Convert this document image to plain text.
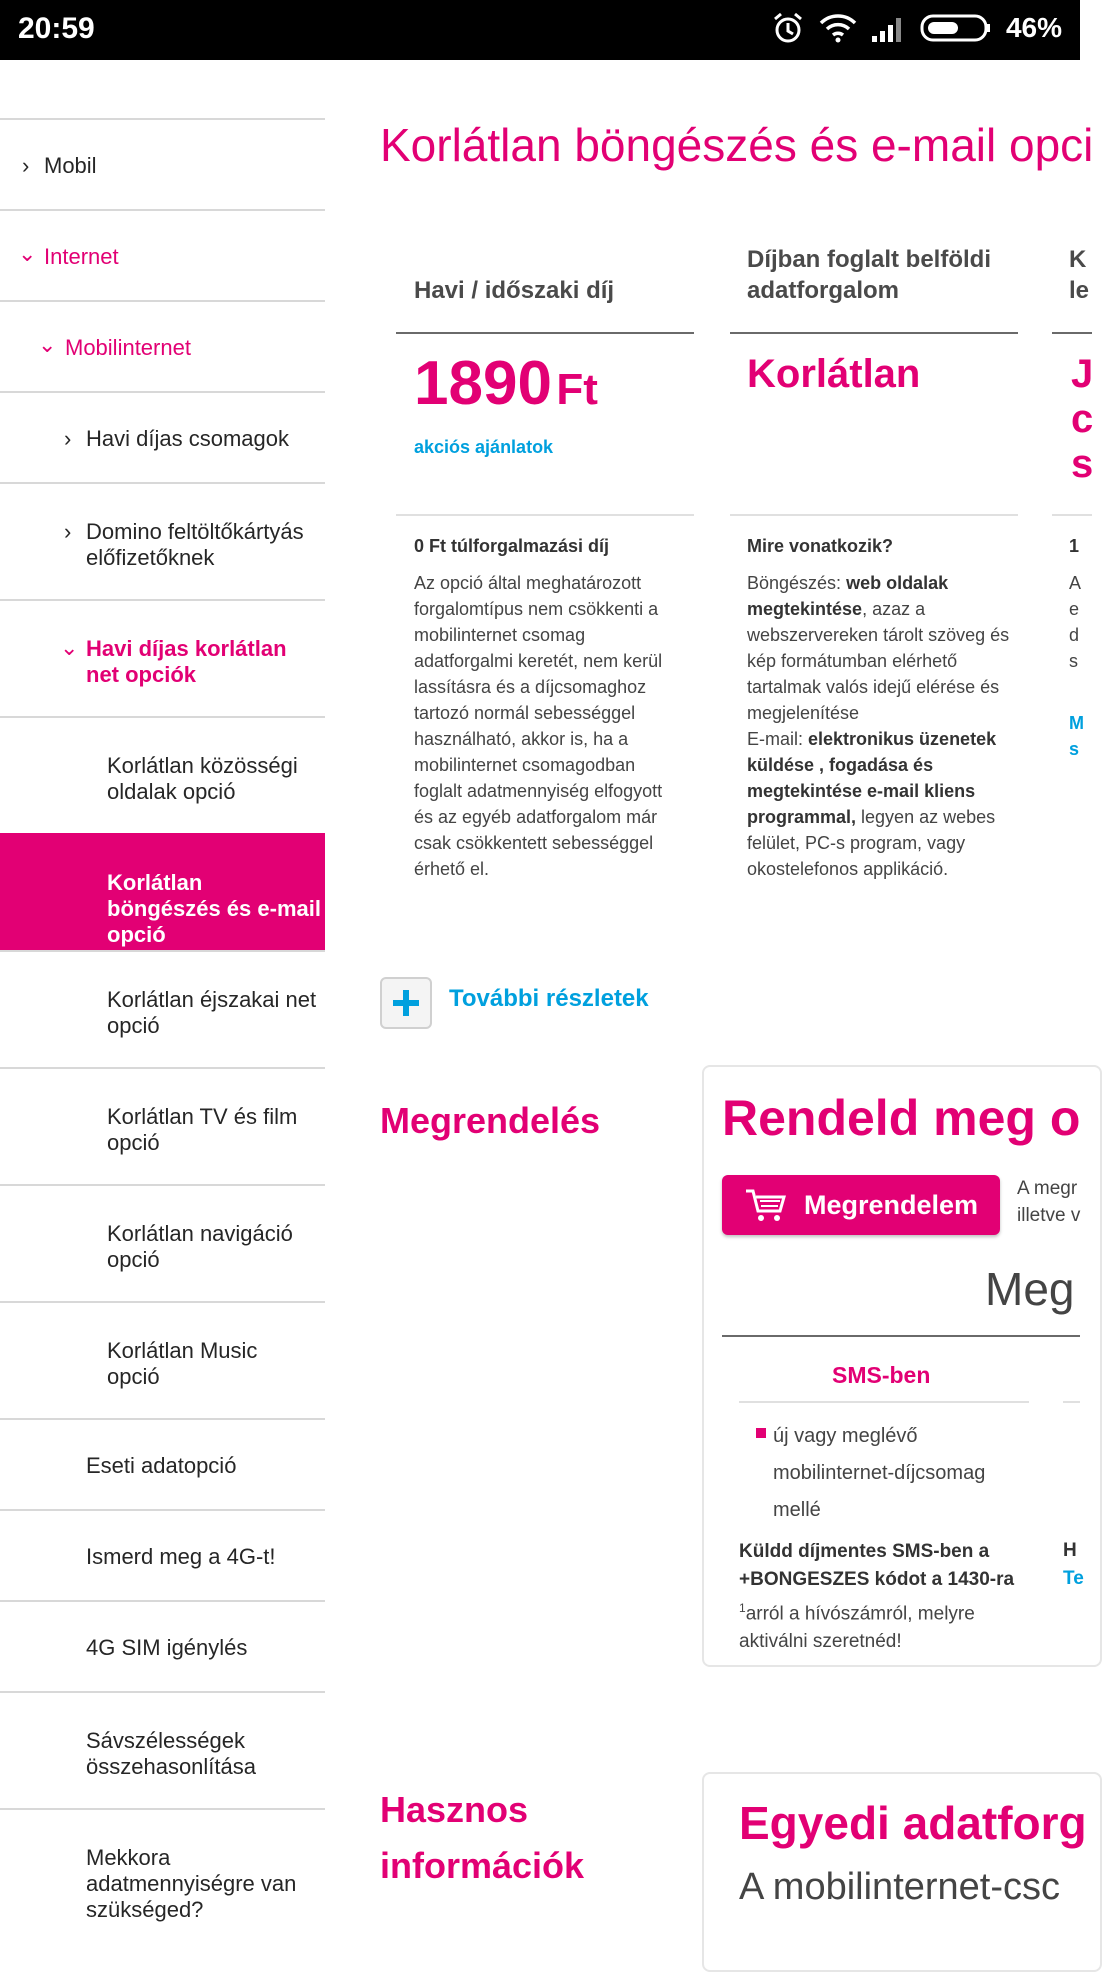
20:59	46%
› Mobil
⌄ Internet
⌄ Mobilinternet
› Havi díjas csomagok
› Domino feltöltőkártyás előfizetőknek
⌄ Havi díjas korlátlan net opciók
Korlátlan közösségi oldalak opció
Korlátlan böngészés és e-mail opció
Korlátlan éjszakai net opció
Korlátlan TV és film opció
Korlátlan navigáció opció
Korlátlan Music opció
Eseti adatopció
Ismerd meg a 4G-t!
4G SIM igénylés
Sávszélességek összehasonlítása
Mekkora adatmennyiségre van szükséged?
Korlátlan böngészés és e-mail opci
Havi / időszaki díj
1890 Ft
akciós ajánlatok
0 Ft túlforgalmazási díj
Az opció által meghatározott forgalomtípus nem csökkenti a mobilinternet csomag adatforgalmi keretét, nem kerül lassításra és a díjcsomaghoz tartozó normál sebességgel használható, akkor is, ha a mobilinternet csomagodban foglalt adatmennyiség elfogyott és az egyéb adatforgalom már csak csökkentett sebességgel érhető el.
Díjban foglalt belföldi adatforgalom
Korlátlan
Mire vonatkozik?
Böngészés: web oldalak megtekintése, azaz a webszervereken tárolt szöveg és kép formátumban elérhető tartalmak valós idejű elérése és megjelenítése
E-mail: elektronikus üzenetek küldése , fogadása és megtekintése e-mail kliens programmal, legyen az webes felület, PC-s program, vagy okostelefonos applikáció.
K
le
J
c
s
1
A
e
d
s
M
s
További részletek
Megrendelés Rendeld meg o
Megrendelem
A megr
illetve v
Meg
SMS-ben
új vagy meglévő mobilinternet-díjcsomag mellé
Küldd díjmentes SMS-ben a +BONGESZES kódot a 1430-ra
$^1$arról a hívószámról, melyre aktiválni szeretnéd!
H
Te
Hasznos információk
Egyedi adatforg
A mobilinternet-csc
